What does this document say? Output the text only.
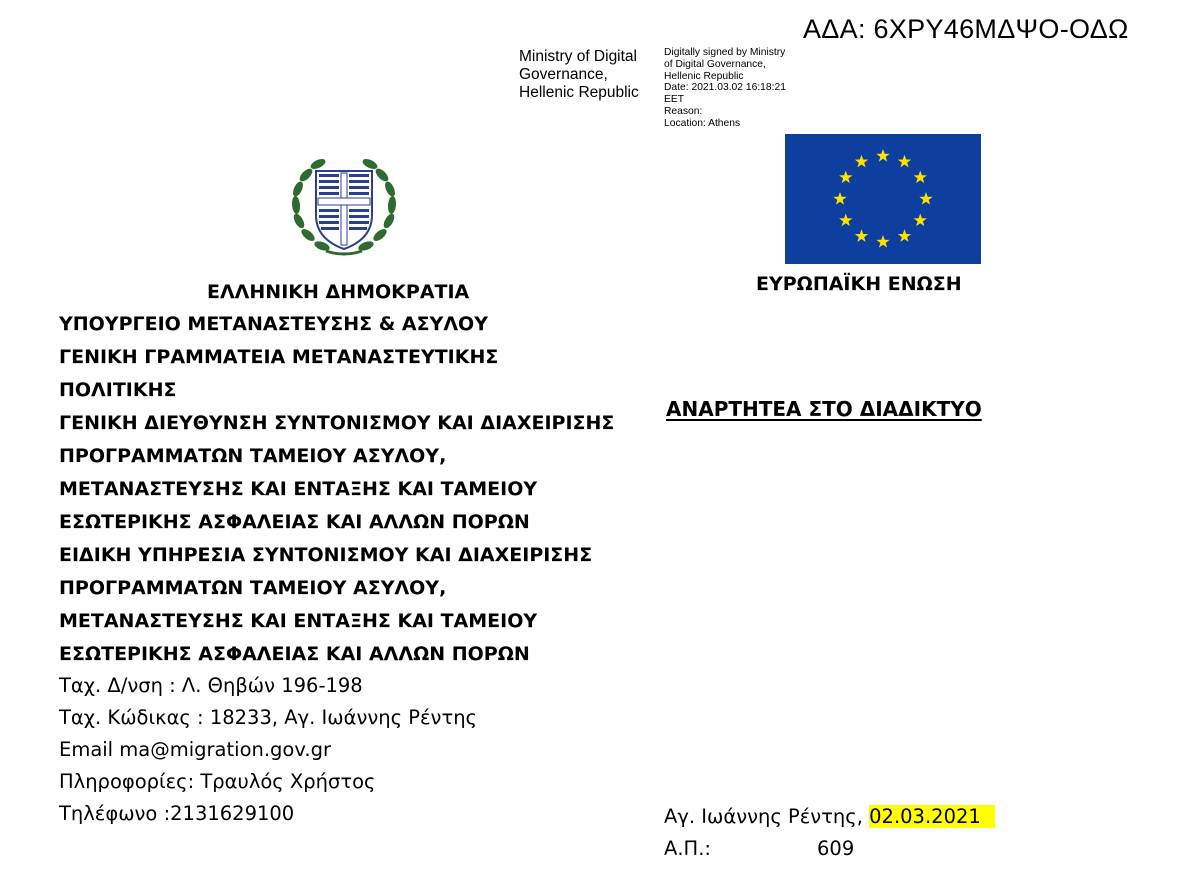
ΑΔΑ: 6ΧΡΥ46ΜΔΨΟ-ΟΔΩ
Ministry of Digital
Governance,
Hellenic Republic
Digitally signed by Ministry
of Digital Governance,
Hellenic Republic
Date: 2021.03.02 16:18:21
EET
Reason:
Location: Athens
ΕΛΛΗΝΙΚΗ ΔΗΜΟΚΡΑΤΙΑ	ΕΥΡΩΠΑΪΚΗ ΕΝΩΣΗ
ΥΠΟΥΡΓΕΙΟ ΜΕΤΑΝΑΣΤΕΥΣΗΣ & ΑΣΥΛΟΥ
ΓΕΝΙΚΗ ΓΡΑΜΜΑΤΕΙΑ ΜΕΤΑΝΑΣΤΕΥΤΙΚΗΣ
ΠΟΛΙΤΙΚΗΣ
ΓΕΝΙΚΗ ΔΙΕΥΘΥΝΣΗ ΣΥΝΤΟΝΙΣΜΟΥ ΚΑΙ ΔΙΑΧΕΙΡΙΣΗΣ
ΠΡΟΓΡΑΜΜΑΤΩΝ ΤΑΜΕΙΟΥ ΑΣΥΛΟΥ,
ΜΕΤΑΝΑΣΤΕΥΣΗΣ ΚΑΙ ΕΝΤΑΞΗΣ ΚΑΙ ΤΑΜΕΙΟΥ
ΕΣΩΤΕΡΙΚΗΣ ΑΣΦΑΛΕΙΑΣ ΚΑΙ ΑΛΛΩΝ ΠΟΡΩΝ
ΕΙΔΙΚΗ ΥΠΗΡΕΣΙΑ ΣΥΝΤΟΝΙΣΜΟΥ ΚΑΙ ΔΙΑΧΕΙΡΙΣΗΣ
ΠΡΟΓΡΑΜΜΑΤΩΝ ΤΑΜΕΙΟΥ ΑΣΥΛΟΥ,
ΜΕΤΑΝΑΣΤΕΥΣΗΣ ΚΑΙ ΕΝΤΑΞΗΣ ΚΑΙ ΤΑΜΕΙΟΥ
ΕΣΩΤΕΡΙΚΗΣ ΑΣΦΑΛΕΙΑΣ ΚΑΙ ΑΛΛΩΝ ΠΟΡΩΝ
ΑΝΑΡΤΗΤΕΑ ΣΤΟ ΔΙΑΔΙΚΤΥΟ
Ταχ. Δ/νση : Λ. Θηβών 196-198
Ταχ. Κώδικας : 18233, Αγ. Ιωάννης Ρέντης
Email ma@migration.gov.gr
Πληροφορίες: Τραυλός Χρήστος
Τηλέφωνο :2131629100	Αγ. Ιωάννης Ρέντης, 02.03.2021
Α.Π.:	609
